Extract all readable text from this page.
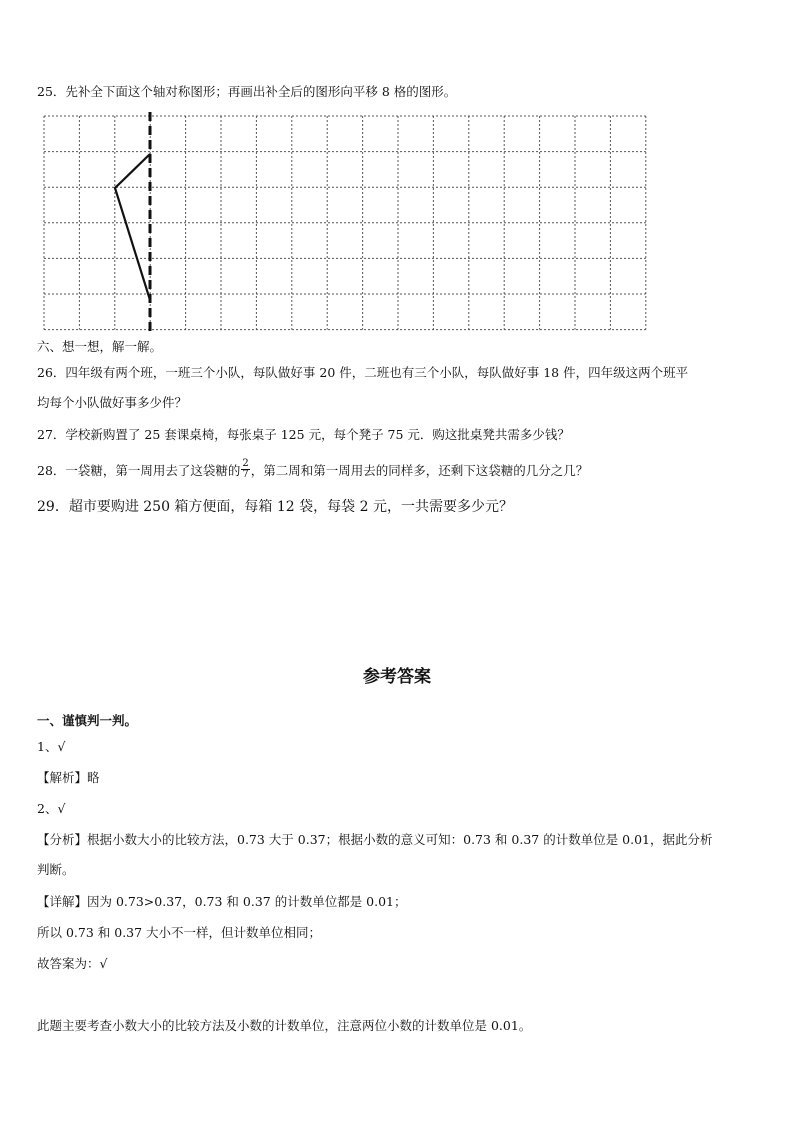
25．先补全下面这个轴对称图形；再画出补全后的图形向平移 8 格的图形。
六、想一想，解一解。
26．四年级有两个班，一班三个小队，每队做好事 20 件，二班也有三个小队，每队做好事 18 件，四年级这两个班平
均每个小队做好事多少件？
27．学校新购置了 25 套课桌椅，每张桌子 125 元，每个凳子 75 元．购这批桌凳共需多少钱？
28．一袋糖，第一周用去了这袋糖的 $\frac{2}{7}$ ，第二周和第一周用去的同样多，还剩下这袋糖的几分之几？
29．超市要购进 250 箱方便面，每箱 12 袋，每袋 2 元，一共需要多少元？
参考答案
一、谨慎判一判。
1、√
【解析】略
2、√
【分析】根据小数大小的比较方法，0.73 大于 0.37；根据小数的意义可知：0.73 和 0.37 的计数单位是 0.01，据此分析
判断。
【详解】因为 0.73>0.37，0.73 和 0.37 的计数单位都是 0.01；
所以 0.73 和 0.37 大小不一样，但计数单位相同；
故答案为：√
此题主要考查小数大小的比较方法及小数的计数单位，注意两位小数的计数单位是 0.01。
